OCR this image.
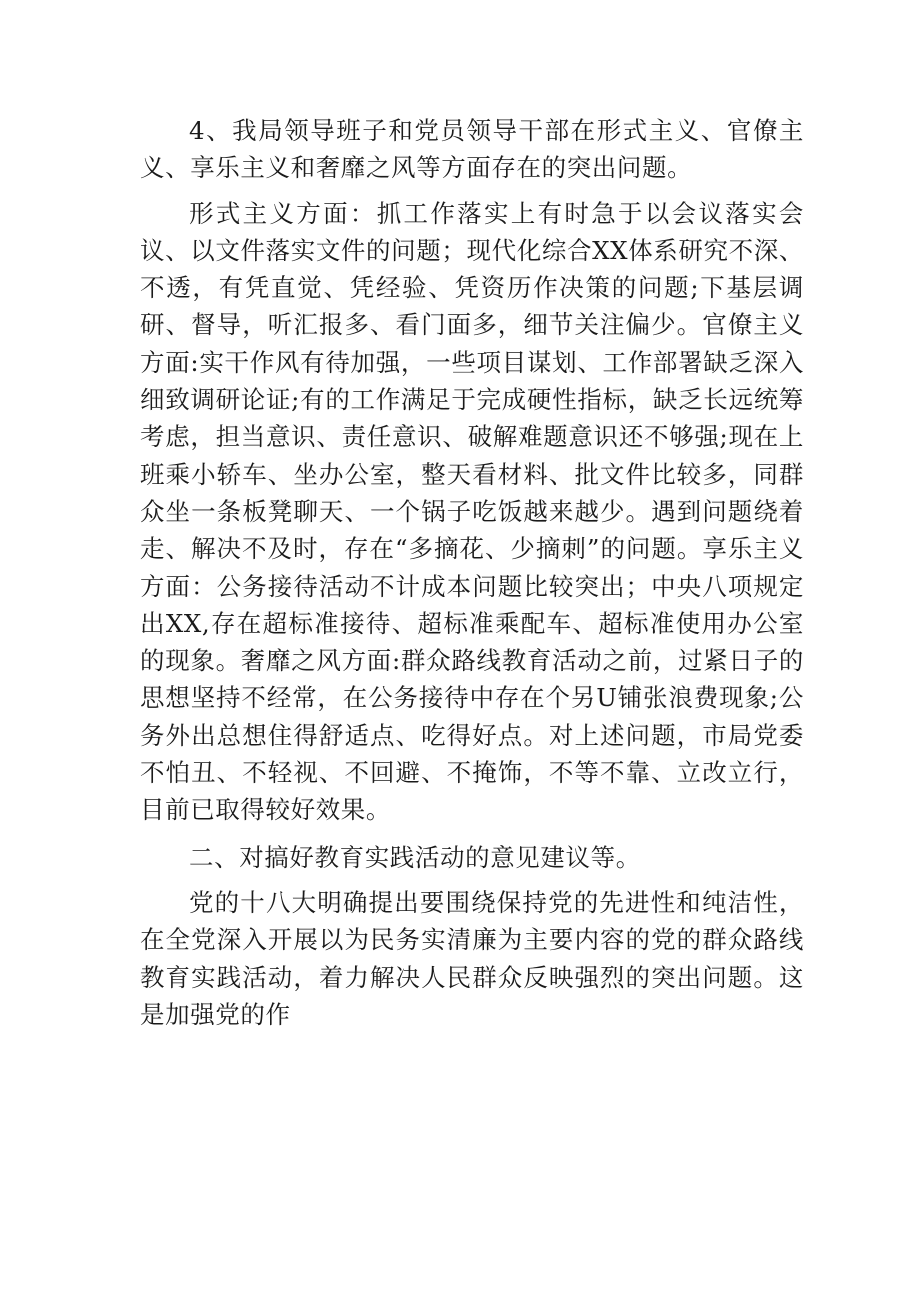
4、我局领导班子和党员领导干部在形式主义、官僚主义、享乐主义和奢靡之风等方面存在的突出问题。

形式主义方面：抓工作落实上有时急于以会议落实会议、以文件落实文件的问题；现代化综合XX体系研究不深、不透，有凭直觉、凭经验、凭资历作决策的问题;下基层调研、督导，听汇报多、看门面多，细节关注偏少。官僚主义方面:实干作风有待加强，一些项目谋划、工作部署缺乏深入细致调研论证;有的工作满足于完成硬性指标，缺乏长远统筹考虑，担当意识、责任意识、破解难题意识还不够强;现在上班乘小轿车、坐办公室，整天看材料、批文件比较多，同群众坐一条板凳聊天、一个锅子吃饭越来越少。遇到问题绕着走、解决不及时，存在“多摘花、少摘刺”的问题。享乐主义方面：公务接待活动不计成本问题比较突出；中央八项规定出XX,存在超标准接待、超标准乘配车、超标准使用办公室的现象。奢靡之风方面:群众路线教育活动之前，过紧日子的思想坚持不经常，在公务接待中存在个另U铺张浪费现象;公务外出总想住得舒适点、吃得好点。对上述问题，市局党委不怕丑、不轻视、不回避、不掩饰，不等不靠、立改立行，目前已取得较好效果。

二、对搞好教育实践活动的意见建议等。

党的十八大明确提出要围绕保持党的先进性和纯洁性，在全党深入开展以为民务实清廉为主要内容的党的群众路线教育实践活动，着力解决人民群众反映强烈的突出问题。这是加强党的作
